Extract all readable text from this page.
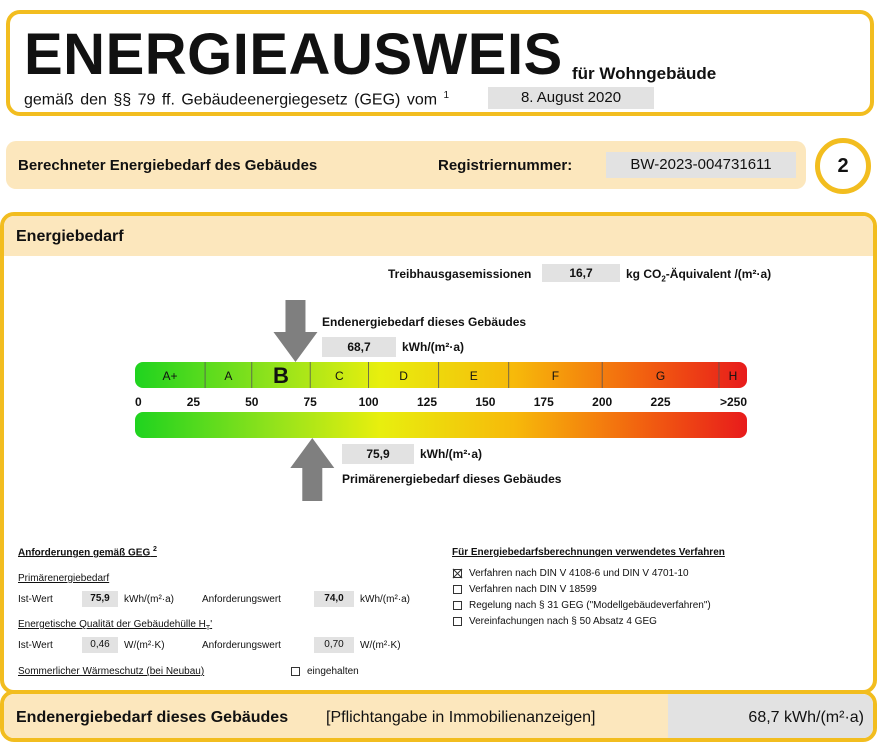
ENERGIEAUSWEIS für Wohngebäude
gemäß den §§ 79 ff. Gebäudeenergiegesetz (GEG) vom $^1$	8. August 2020
Berechneter Energiebedarf des Gebäudes	Registriernummer:	BW-2023-004731611	2
Energiebedarf
Treibhausgasemissionen	16,7	kg $CO_2$-Äquivalent /(m²·a)
Endenergiebedarf dieses Gebäudes
68,7	kWh/(m²·a)
A+	A B	C	D	E	F	G	H
0	25	50	75	100	125	150	175	200	225	>250
75,9	kWh/(m²·a)
Primärenergiebedarf dieses Gebäudes
Anforderungen gemäß GEG $^2$
Primärenergiebedarf
Ist-Wert	75,9	kWh/(m²·a)	Anforderungswert	74,0	kWh/(m²·a)
Energetische Qualität der Gebäudehülle $H_T'$
Ist-Wert	0,46	W/(m²·K)	Anforderungswert	0,70	W/(m²·K)
Sommerlicher Wärmeschutz (bei Neubau)	eingehalten
Für Energiebedarfsberechnungen verwendetes Verfahren
Verfahren nach DIN V 4108-6 und DIN V 4701-10
Verfahren nach DIN V 18599
Regelung nach § 31 GEG ("Modellgebäudeverfahren")
Vereinfachungen nach § 50 Absatz 4 GEG
Endenergiebedarf dieses Gebäudes [Pflichtangabe in Immobilienanzeigen]	68,7 kWh/(m²·a)
